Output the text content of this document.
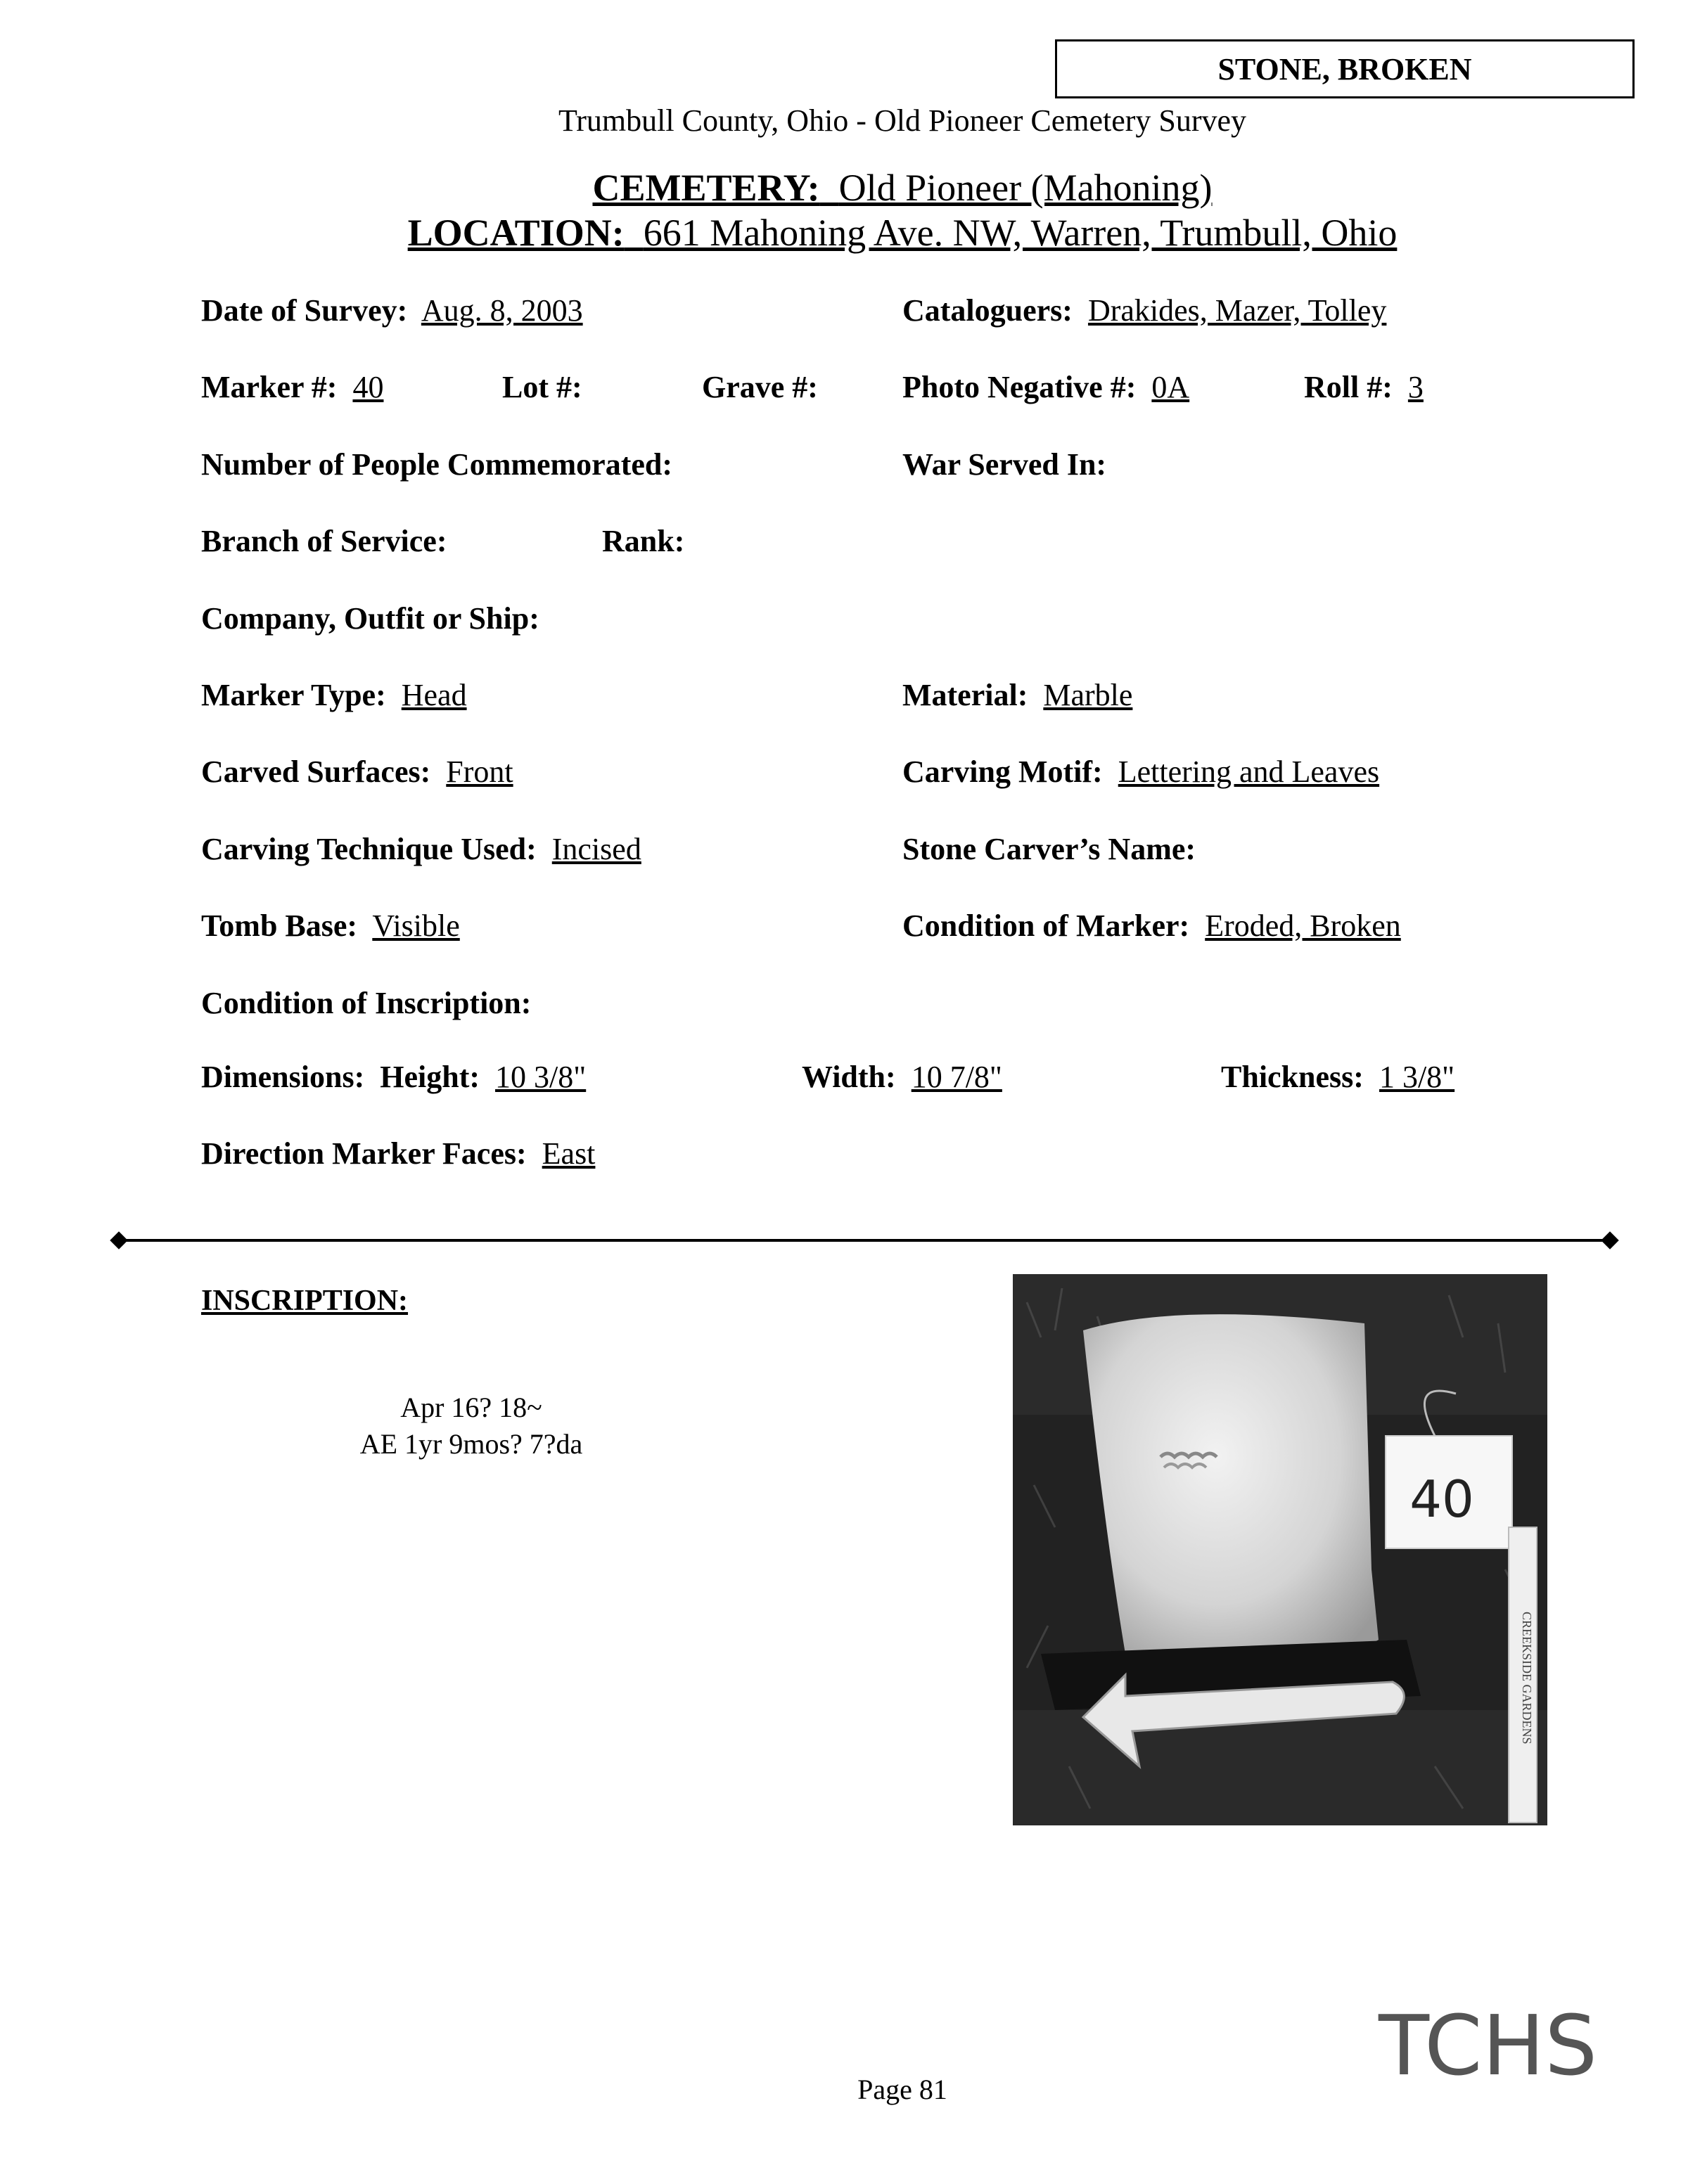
STONE, BROKEN
Trumbull County, Ohio - Old Pioneer Cemetery Survey
CEMETERY: Old Pioneer (Mahoning)
LOCATION: 661 Mahoning Ave. NW, Warren, Trumbull, Ohio
Date of Survey: Aug. 8, 2003	Cataloguers: Drakides, Mazer, Tolley
Marker #: 40	Lot #:	Grave #:	Photo Negative #: 0A	Roll #: 3
Number of People Commemorated:	War Served In:
Branch of Service:	Rank:
Company, Outfit or Ship:
Marker Type: Head	Material: Marble
Carved Surfaces: Front	Carving Motif: Lettering and Leaves
Carving Technique Used: Incised	Stone Carver’s Name:
Tomb Base: Visible	Condition of Marker: Eroded, Broken
Condition of Inscription:
Dimensions: Height: 10 3/8"	Width: 10 7/8"	Thickness: 1 3/8"
Direction Marker Faces: East
INSCRIPTION:
Apr 16? 18~
AE 1yr 9mos? 7?da
40
CREEKSIDE GARDENS
TCHS
Page 81
